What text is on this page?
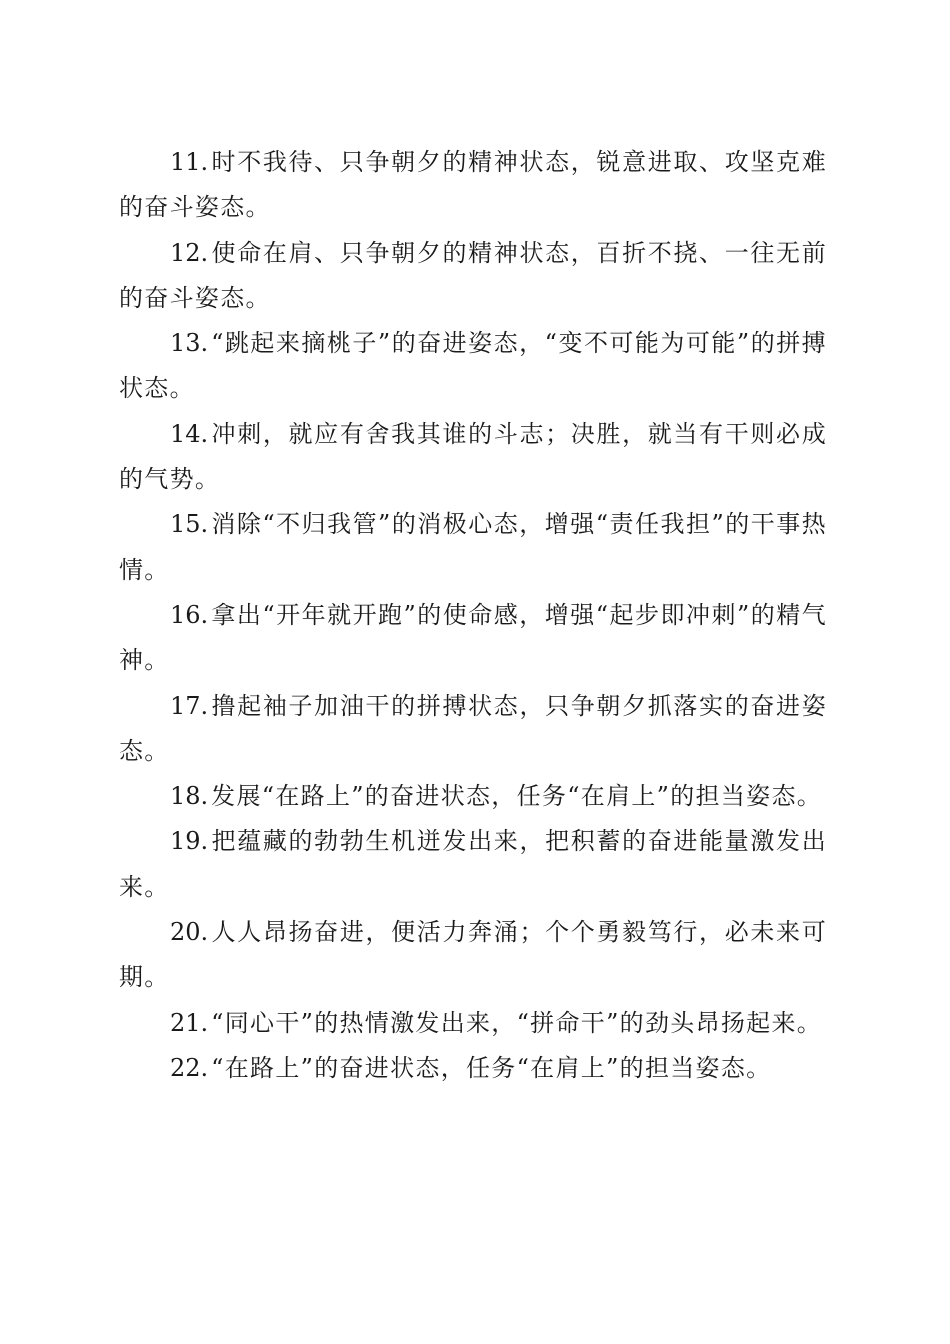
11. 时不我待、只争朝夕的精神状态，锐意进取、攻坚克难的奋斗姿态。

12. 使命在肩、只争朝夕的精神状态，百折不挠、一往无前的奋斗姿态。

13. “跳起来摘桃子”的奋进姿态，“变不可能为可能”的拼搏状态。

14. 冲刺，就应有舍我其谁的斗志；决胜，就当有干则必成的气势。

15. 消除“不归我管”的消极心态，增强“责任我担”的干事热情。

16. 拿出“开年就开跑”的使命感，增强“起步即冲刺”的精气神。

17. 撸起袖子加油干的拼搏状态，只争朝夕抓落实的奋进姿态。

18. 发展“在路上”的奋进状态，任务“在肩上”的担当姿态。

19. 把蕴藏的勃勃生机迸发出来，把积蓄的奋进能量激发出来。

20. 人人昂扬奋进，便活力奔涌；个个勇毅笃行，必未来可期。

21. “同心干”的热情激发出来，“拼命干”的劲头昂扬起来。

22. “在路上”的奋进状态，任务“在肩上”的担当姿态。
